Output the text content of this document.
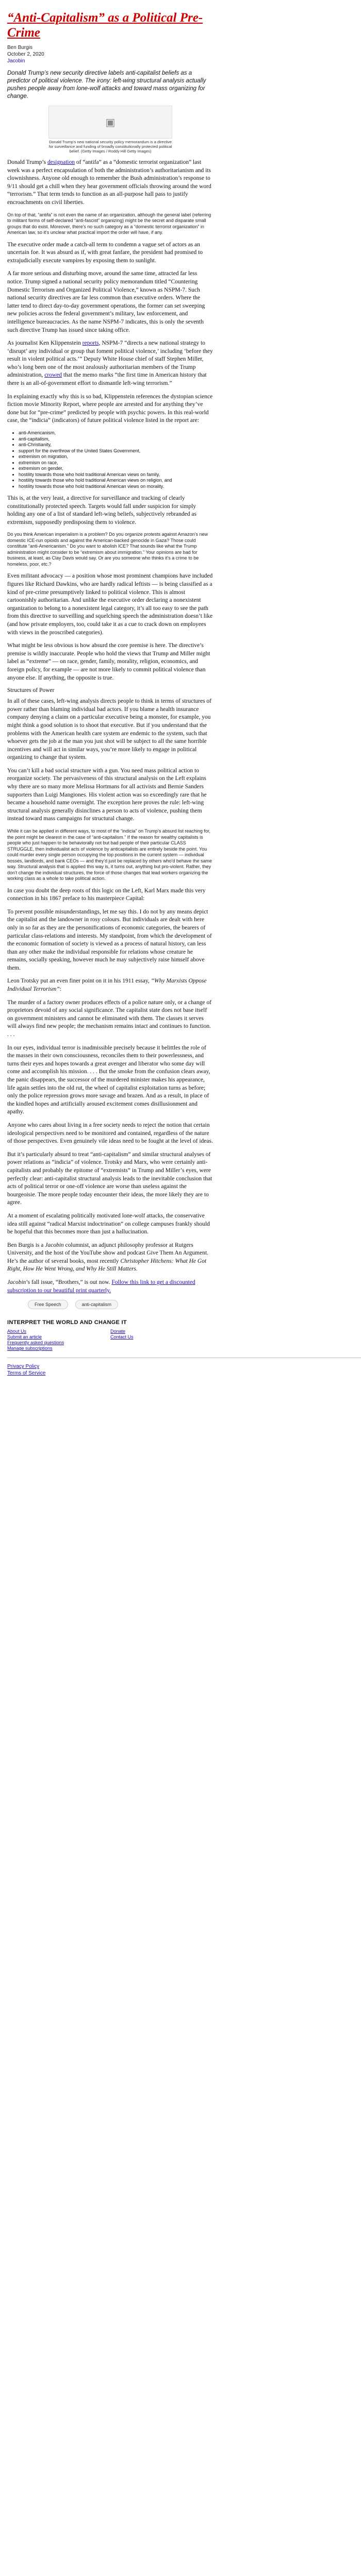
“Anti-Capitalism” as a Political Pre-Crime
Ben Burgis
October 2, 2020
Jacobin
Donald Trump’s new security directive labels anti-capitalist beliefs as a predictor of political violence. The irony: left-wing structural analysis actually pushes people away from lone-wolf attacks and toward mass organizing for change.
▣
Donald Trump's new national security policy memorandum is a directive for surveillance and funding of broadly constitutionally protected political belief. (Getty Images / Roddy Hill Getty Images)

Donald Trump’s designation of “antifa” as a “domestic terrorist organization” last week was a perfect encapsulation of both the administration’s authoritarianism and its clownishness. Anyone old enough to remember the Bush administration’s response to 9/11 should get a chill when they hear government officials throwing around the word “terrorism.” That term tends to function as an all-purpose hall pass to justify encroachments on civil liberties.

On top of that, “antifa” is not even the name of an organization, although the general label (referring to militant forms of self-declared “anti-fascist” organizing) might be the secret and disparate small groups that do exist. Moreover, there's no such category as a “domestic terrorist organization” in American law, so it's unclear what practical import the order will have, if any.

The executive order made a catch-all term to condemn a vague set of actors as an uncertain foe. It was absurd as if, with great fanfare, the president had promised to extrajudicially execute vampires by exposing them to sunlight.

A far more serious and disturbing move, around the same time, attracted far less notice. Trump signed a national security policy memorandum titled “Countering Domestic Terrorism and Organized Political Violence,” known as NSPM-7. Such national security directives are far less common than executive orders. Where the latter tend to direct day-to-day government operations, the former can set sweeping new policies across the federal government’s military, law enforcement, and intelligence bureaucracies. As the name NSPM-7 indicates, this is only the seventh such directive Trump has issued since taking office.

As journalist Ken Klippenstein reports, NSPM-7 “directs a new national strategy to ‘disrupt’ any individual or group that foment political violence,’ including ‘before they result in violent political acts.’” Deputy White House chief of staff Stephen Miller, who’s long been one of the most zealously authoritarian members of the Trump administration, crowed that the memo marks “the first time in American history that there is an all-of-government effort to dismantle left-wing terrorism.”

In explaining exactly why this is so bad, Klippenstein references the dystopian science fiction movie Minority Report, where people are arrested and for anything they’ve done but for “pre-crime” predicted by people with psychic powers. In this real-world case, the “indicia” (indicators) of future political violence listed in the report are:

• anti-Americanism,
• anti-capitalism,
• anti-Christianity,
• support for the overthrow of the United States Government,
• extremism on migration,
• extremism on race,
• extremism on gender,
• hostility towards those who hold traditional American views on family,
• hostility towards those who hold traditional American views on religion, and
• hostility towards those who hold traditional American views on morality.

This is, at the very least, a directive for surveillance and tracking of clearly constitutionally protected speech. Targets would fall under suspicion for simply holding any one of a list of standard left-wing beliefs, subjectively rebranded as extremism, supposedly predisposing them to violence.

Do you think American imperialism is a problem? Do you organize protests against Amazon’s new domestic ICE-run opioids and against the American-backed genocide in Gaza? Those could constitute “anti-Americanism.” Do you want to abolish ICE? That sounds like what the Trump administration might consider to be “extremism about immigration.” Your opinions are bad for business, at least, as Clay Davis would say. Or are you someone who thinks it's a crime to be homeless, poor, etc.?

Even militant advocacy — a position whose most prominent champions have included figures like Richard Dawkins, who are hardly radical leftists — is being classified as a kind of pre-crime presumptively linked to political violence. This is almost cartoonishly authoritarian. And unlike the executive order declaring a nonexistent organization to belong to a nonexistent legal category, it’s all too easy to see the path from this directive to surveilling and squelching speech the administration doesn’t like (and how private employers, too, could take it as a cue to crack down on employees with views in the proscribed categories).

What might be less obvious is how absurd the core premise is here. The directive’s premise is wildly inaccurate. People who hold the views that Trump and Miller might label as “extreme” — on race, gender, family, morality, religion, economics, and foreign policy, for example — are not more likely to commit political violence than anyone else. If anything, the opposite is true.

Structures of Power

In all of these cases, left-wing analysis directs people to think in terms of structures of power rather than blaming individual bad actors. If you blame a health insurance company denying a claim on a particular executive being a monster, for example, you might think a good solution is to shoot that executive. But if you understand that the problems with the American health care system are endemic to the system, such that whoever gets the job at the man you just shot will be subject to all the same horrible incentives and will act in similar ways, you’re more likely to engage in political organizing to change that system.

You can’t kill a bad social structure with a gun. You need mass political action to reorganize society. The pervasiveness of this structural analysis on the Left explains why there are so many more Melissa Hortmans for all activists and Bernie Sanders supporters than Luigi Mangiones. His violent action was so exceedingly rare that he became a household name overnight. The exception here proves the rule: left-wing structural analysis generally disinclines a person to acts of violence, pushing them instead toward mass campaigns for structural change.

While it can be applied in different ways, to most of the “indicia” on Trump’s absurd list reaching for, the point might be clearest in the case of “anti-capitalism.” If the reason for wealthy capitalists is people who just happen to be behaviorally not but bad people of their particular CLASS STRUGGLE, then individualist acts of violence by anticapitalists are entirely beside the point. You could murder every single person occupying the top positions in the current system — individual bosses, landlords, and bank CEOs — and they’d just be replaced by others who'd behave the same way. Structural analysis that is applied this way is, it turns out, anything but pro-violent. Rather, they don't change the individual structures, the force of those changes that lead workers organizing the working class as a whole to take political action.

In case you doubt the deep roots of this logic on the Left, Karl Marx made this very connection in his 1867 preface to his masterpiece Capital:

To prevent possible misunderstandings, let me say this. I do not by any means depict the capitalist and the landowner in rosy colours. But individuals are dealt with here only in so far as they are the personifications of economic categories, the bearers of particular class-relations and interests. My standpoint, from which the development of the economic formation of society is viewed as a process of natural history, can less than any other make the individual responsible for relations whose creature he remains, socially speaking, however much he may subjectively raise himself above them.

Leon Trotsky put an even finer point on it in his 1911 essay, “Why Marxists Oppose Individual Terrorism”:

The murder of a factory owner produces effects of a police nature only, or a change of proprietors devoid of any social significance. The capitalist state does not base itself on government ministers and cannot be eliminated with them. The classes it serves will always find new people; the mechanism remains intact and continues to function. . . .

In our eyes, individual terror is inadmissible precisely because it belittles the role of the masses in their own consciousness, reconciles them to their powerlessness, and turns their eyes and hopes towards a great avenger and liberator who some day will come and accomplish his mission. . . . But the smoke from the confusion clears away, the panic disappears, the successor of the murdered minister makes his appearance, life again settles into the old rut, the wheel of capitalist exploitation turns as before; only the police repression grows more savage and brazen. And as a result, in place of the kindled hopes and artificially aroused excitement comes disillusionment and apathy.

Anyone who cares about living in a free society needs to reject the notion that certain ideological perspectives need to be monitored and contained, regardless of the nature of those perspectives. Even genuinely vile ideas need to be fought at the level of ideas.

But it’s particularly absurd to treat “anti-capitalism” and similar structural analyses of power relations as “indicia” of violence. Trotsky and Marx, who were certainly anti-capitalists and probably the epitome of “extremists” in Trump and Miller’s eyes, were perfectly clear: anti-capitalist structural analysis leads to the inevitable conclusion that acts of political terror or one-off violence are worse than useless against the bourgeoisie. The more people today encounter their ideas, the more likely they are to agree.

At a moment of escalating politically motivated lone-wolf attacks, the conservative idea still against “radical Marxist indoctrination” on college campuses frankly should be hopeful that this becomes more than just a hallucination.

Ben Burgis is a Jacobin columnist, an adjunct philosophy professor at Rutgers University, and the host of the YouTube show and podcast Give Them An Argument. He’s the author of several books, most recently Christopher Hitchens: What He Got Right, How He Went Wrong, and Why He Still Matters.

Jacobin’s fall issue, “Brothers,” is out now. Follow this link to get a discounted subscription to our beautiful print quarterly.

Free Speech	anti-capitalism
INTERPRET THE WORLD AND CHANGE IT
About Us
Submit an article
Frequently asked questions
Manage subscriptions
Donate
Contact Us
Privacy Policy
Terms of Service
